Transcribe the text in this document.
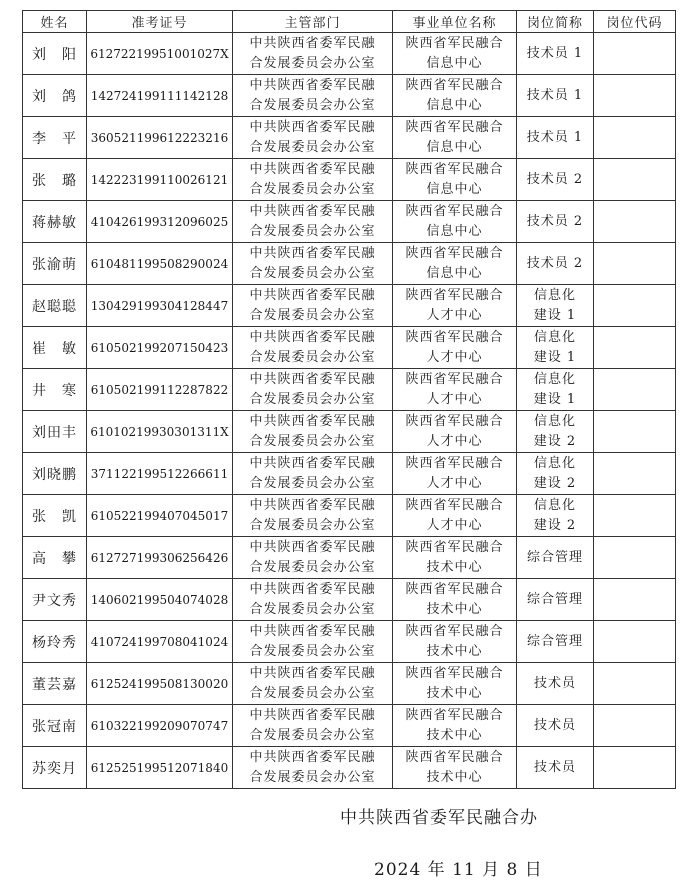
姓名	准考证号	主管部门	事业单位名称	岗位简称	岗位代码
刘　阳	61272219951001027X	中共陕西省委军民融
合发展委员会办公室	陕西省军民融合
信息中心	技术员 1	

刘　鸽	142724199111142128	中共陕西省委军民融
合发展委员会办公室	陕西省军民融合
信息中心	技术员 1	

李　平	360521199612223216	中共陕西省委军民融
合发展委员会办公室	陕西省军民融合
信息中心	技术员 1	

张　璐	142223199110026121	中共陕西省委军民融
合发展委员会办公室	陕西省军民融合
信息中心	技术员 2	

蒋赫敏	410426199312096025	中共陕西省委军民融
合发展委员会办公室	陕西省军民融合
信息中心	技术员 2	

张渝萌	610481199508290024	中共陕西省委军民融
合发展委员会办公室	陕西省军民融合
信息中心	技术员 2	

赵聪聪	130429199304128447	中共陕西省委军民融
合发展委员会办公室	陕西省军民融合
人才中心	信息化
建设 1	

崔　敏	610502199207150423	中共陕西省委军民融
合发展委员会办公室	陕西省军民融合
人才中心	信息化
建设 1	

井　寒	610502199112287822	中共陕西省委军民融
合发展委员会办公室	陕西省军民融合
人才中心	信息化
建设 1	

刘田丰	61010219930301311X	中共陕西省委军民融
合发展委员会办公室	陕西省军民融合
人才中心	信息化
建设 2	

刘晓鹏	371122199512266611	中共陕西省委军民融
合发展委员会办公室	陕西省军民融合
人才中心	信息化
建设 2	

张　凯	610522199407045017	中共陕西省委军民融
合发展委员会办公室	陕西省军民融合
人才中心	信息化
建设 2	

高　攀	612727199306256426	中共陕西省委军民融
合发展委员会办公室	陕西省军民融合
技术中心	综合管理	

尹文秀	140602199504074028	中共陕西省委军民融
合发展委员会办公室	陕西省军民融合
技术中心	综合管理	

杨玲秀	410724199708041024	中共陕西省委军民融
合发展委员会办公室	陕西省军民融合
技术中心	综合管理	

董芸嘉	612524199508130020	中共陕西省委军民融
合发展委员会办公室	陕西省军民融合
技术中心	技术员	

张冠南	610322199209070747	中共陕西省委军民融
合发展委员会办公室	陕西省军民融合
技术中心	技术员	

苏奕月	612525199512071840	中共陕西省委军民融
合发展委员会办公室	陕西省军民融合
技术中心	技术员	

中共陕西省委军民融合办
2024 年 11 月 8 日
